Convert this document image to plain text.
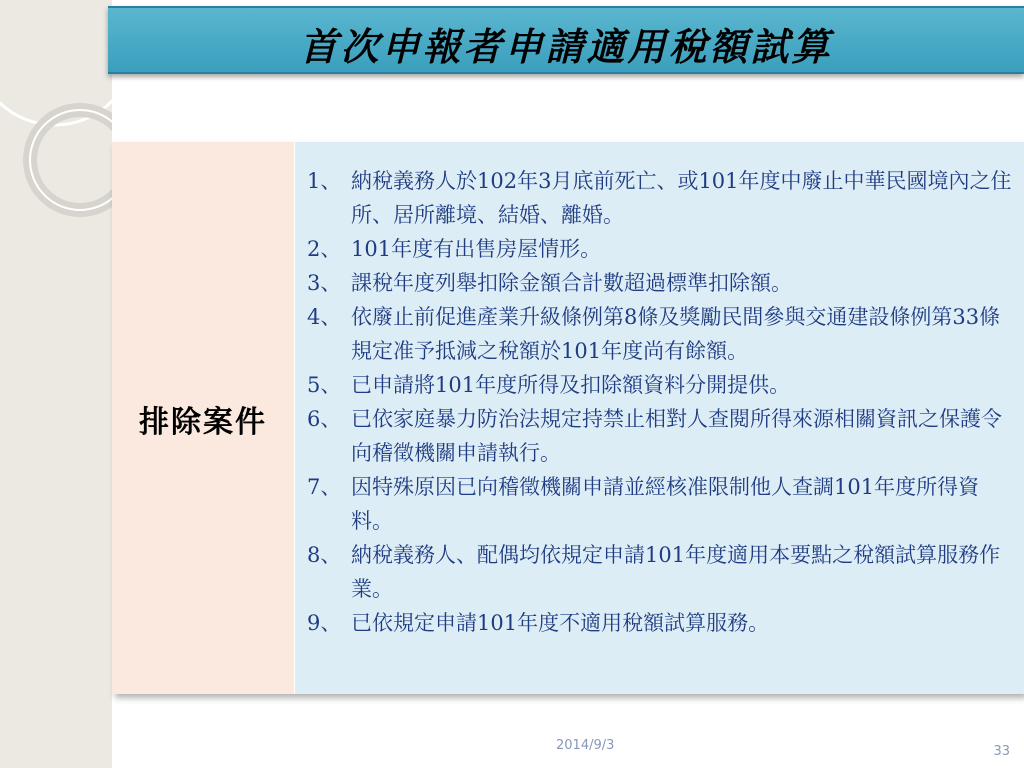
首次申報者申請適用稅額試算
排除案件
1、 納稅義務人於102年3月底前死亡、或101年度中廢止中華民國境內之住所、居所離境、結婚、離婚。
2、 101年度有出售房屋情形。
3、 課稅年度列舉扣除金額合計數超過標準扣除額。
4、 依廢止前促進產業升級條例第8條及獎勵民間參與交通建設條例第33條規定准予抵減之稅額於101年度尚有餘額。
5、 已申請將101年度所得及扣除額資料分開提供。
6、 已依家庭暴力防治法規定持禁止相對人查閱所得來源相關資訊之保護令向稽徵機關申請執行。
7、 因特殊原因已向稽徵機關申請並經核准限制他人查調101年度所得資料。
8、 納稅義務人、配偶均依規定申請101年度適用本要點之稅額試算服務作業。
9、 已依規定申請101年度不適用稅額試算服務。
2014/9/3	33
